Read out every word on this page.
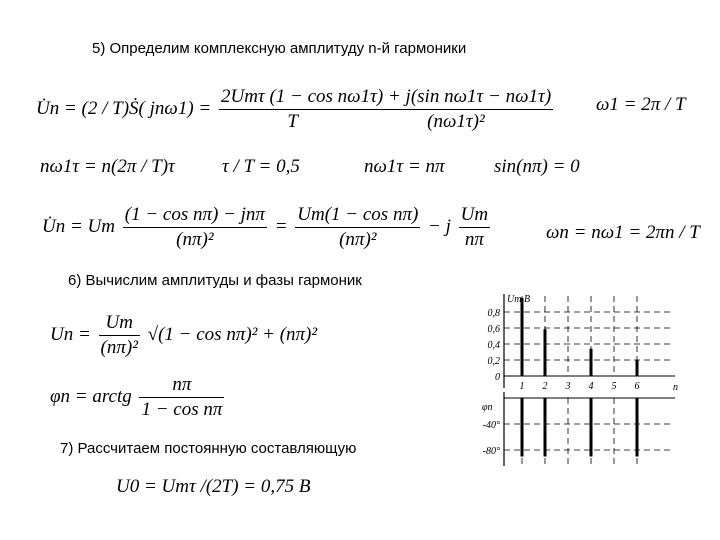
5) Определим комплексную амплитуду n-й гармоники
U̇n = (2 / T)Ṡ( jnω1) = 2Umτ (1 − cos nω1τ) + j(sin nω1τ − nω1τ)
T	(nω1τ)² ω1 = 2π / T
nω1τ = n(2π / T)τ τ / T = 0,5	nω1τ = nπ	sin(nπ) = 0
U̇n = Um $\frac{\text{(1 − cos nπ) − jnπ}}{\text{(nπ)²}} = \frac{\text{Um(1 − cos nπ)}}{\text{(nπ)²}} - j \frac{Um}{n\pi}$	ωn = nω1 = 2πn / T
6) Вычислим амплитуды и фазы гармоник
$Un = \frac{Um}{\text{(nπ)²}} √(1 - \cos n\pi)^2 + (n\pi)^2$
φn = arctg $\frac{n\pi}{\text{1 − cos nπ}}$
7) Рассчитаем постоянную составляющую
U0 = Umτ /(2T) = 0,75 B
Um,B
0,8
0,6
0,4
0,2
0
1 2 3 4 5 6	n
φn
-40°
-80°
